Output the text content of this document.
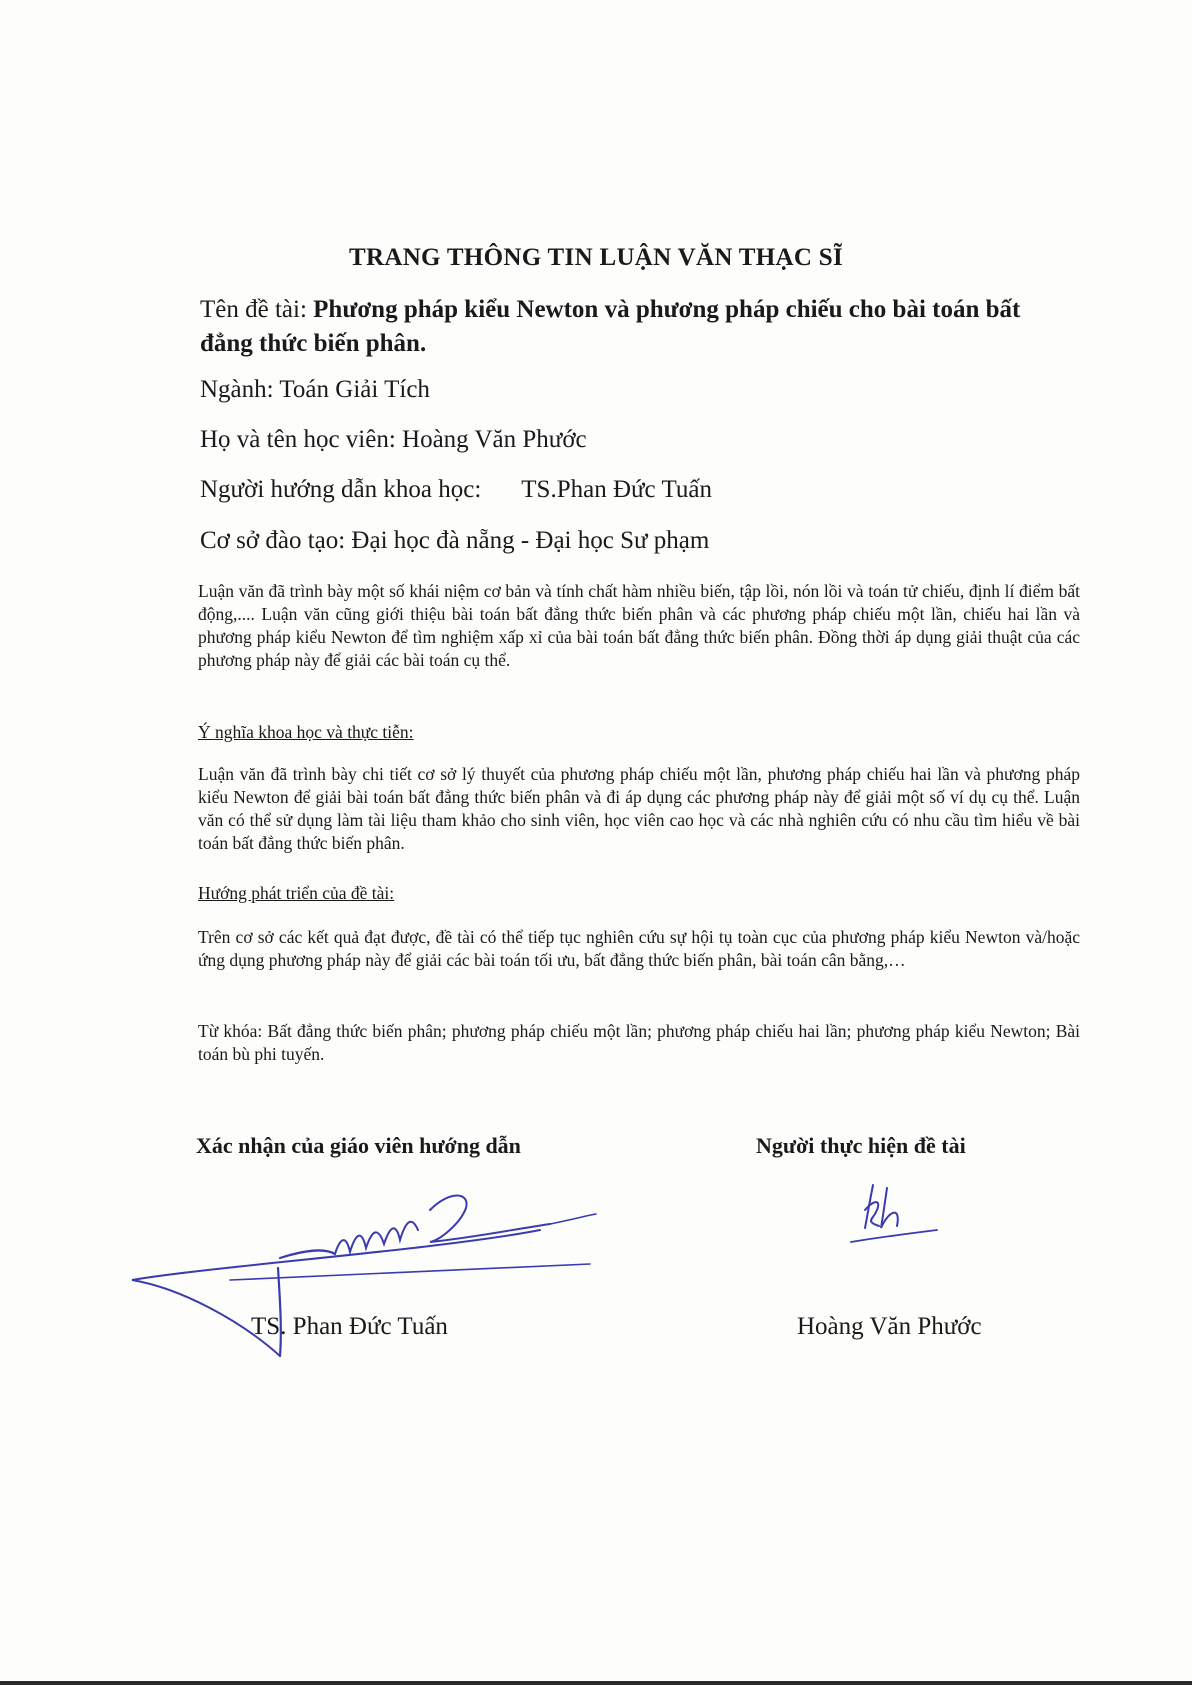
TRANG THÔNG TIN LUẬN VĂN THẠC SĨ
Tên đề tài: Phương pháp kiểu Newton và phương pháp chiếu cho bài toán bất
đẳng thức biến phân.
Ngành: Toán Giải Tích
Họ và tên học viên: Hoàng Văn Phước
Người hướng dẫn khoa học: TS.Phan Đức Tuấn
Cơ sở đào tạo: Đại học đà nẵng - Đại học Sư phạm
Luận văn đã trình bày một số khái niệm cơ bản và tính chất hàm nhiều biến, tập lồi, nón lồi và toán tử chiếu, định lí điểm bất động,.... Luận văn cũng giới thiệu bài toán bất đẳng thức biến phân và các phương pháp chiếu một lần, chiếu hai lần và phương pháp kiểu Newton để tìm nghiệm xấp xỉ của bài toán bất đẳng thức biến phân. Đồng thời áp dụng giải thuật của các phương pháp này để giải các bài toán cụ thể.
Ý nghĩa khoa học và thực tiễn:
Luận văn đã trình bày chi tiết cơ sở lý thuyết của phương pháp chiếu một lần, phương pháp chiếu hai lần và phương pháp kiểu Newton để giải bài toán bất đẳng thức biến phân và đi áp dụng các phương pháp này để giải một số ví dụ cụ thể. Luận văn có thể sử dụng làm tài liệu tham khảo cho sinh viên, học viên cao học và các nhà nghiên cứu có nhu cầu tìm hiểu về bài toán bất đẳng thức biến phân.
Hướng phát triển của đề tài:
Trên cơ sở các kết quả đạt được, đề tài có thể tiếp tục nghiên cứu sự hội tụ toàn cục của phương pháp kiểu Newton và/hoặc ứng dụng phương pháp này để giải các bài toán tối ưu, bất đẳng thức biến phân, bài toán cân bằng,…
Từ khóa: Bất đẳng thức biến phân; phương pháp chiếu một lần; phương pháp chiếu hai lần; phương pháp kiểu Newton; Bài toán bù phi tuyến.
Xác nhận của giáo viên hướng dẫn	Người thực hiện đề tài
TS. Phan Đức Tuấn	Hoàng Văn Phước
